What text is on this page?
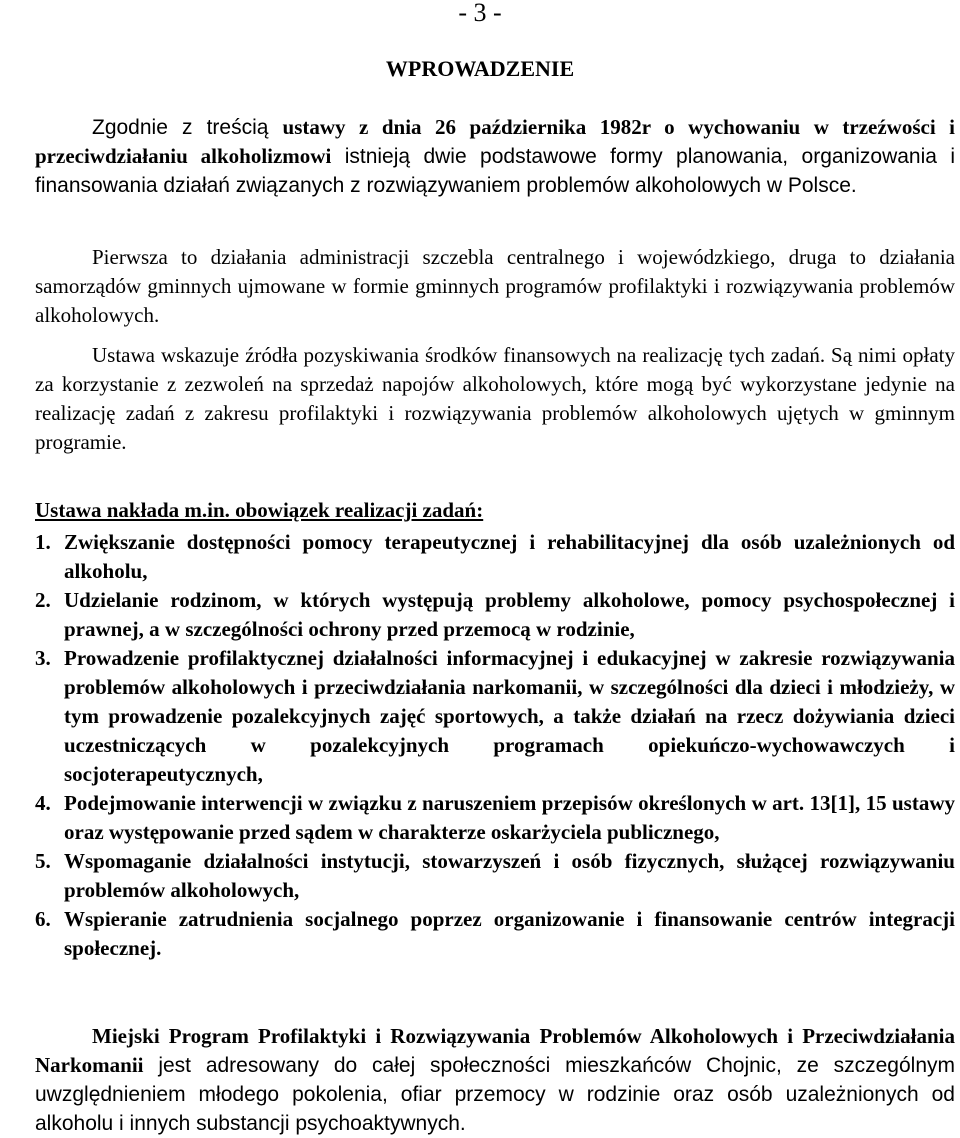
- 3 -
WPROWADZENIE

Zgodnie z treścią ustawy z dnia 26 października 1982r o wychowaniu w trzeźwości i przeciwdziałaniu alkoholizmowi istnieją dwie podstawowe formy planowania, organizowania i finansowania działań związanych z rozwiązywaniem problemów alkoholowych w Polsce.

Pierwsza to działania administracji szczebla centralnego i wojewódzkiego, druga to działania samorządów gminnych ujmowane w formie gminnych programów profilaktyki i rozwiązywania problemów alkoholowych.

Ustawa wskazuje źródła pozyskiwania środków finansowych na realizację tych zadań. Są nimi opłaty za korzystanie z zezwoleń na sprzedaż napojów alkoholowych, które mogą być wykorzystane jedynie na realizację zadań z zakresu profilaktyki i rozwiązywania problemów alkoholowych ujętych w gminnym programie.

Ustawa nakłada m.in. obowiązek realizacji zadań:
1. Zwiększanie dostępności pomocy terapeutycznej i rehabilitacyjnej dla osób uzależnionych od alkoholu,
2. Udzielanie rodzinom, w których występują problemy alkoholowe, pomocy psychospołecznej i prawnej, a w szczególności ochrony przed przemocą w rodzinie,
3. Prowadzenie profilaktycznej działalności informacyjnej i edukacyjnej w zakresie rozwiązywania problemów alkoholowych i przeciwdziałania narkomanii, w szczególności dla dzieci i młodzieży, w tym prowadzenie pozalekcyjnych zajęć sportowych, a także działań na rzecz dożywiania dzieci uczestniczących w pozalekcyjnych programach opiekuńczo-wychowawczych i socjoterapeutycznych,
4. Podejmowanie interwencji w związku z naruszeniem przepisów określonych w art. 13[1], 15 ustawy oraz występowanie przed sądem w charakterze oskarżyciela publicznego,
5. Wspomaganie działalności instytucji, stowarzyszeń i osób fizycznych, służącej rozwiązywaniu problemów alkoholowych,
6. Wspieranie zatrudnienia socjalnego poprzez organizowanie i finansowanie centrów integracji społecznej.

Miejski Program Profilaktyki i Rozwiązywania Problemów Alkoholowych i Przeciwdziałania Narkomanii jest adresowany do całej społeczności mieszkańców Chojnic, ze szczególnym uwzględnieniem młodego pokolenia, ofiar przemocy w rodzinie oraz osób uzależnionych od alkoholu i innych substancji psychoaktywnych.
